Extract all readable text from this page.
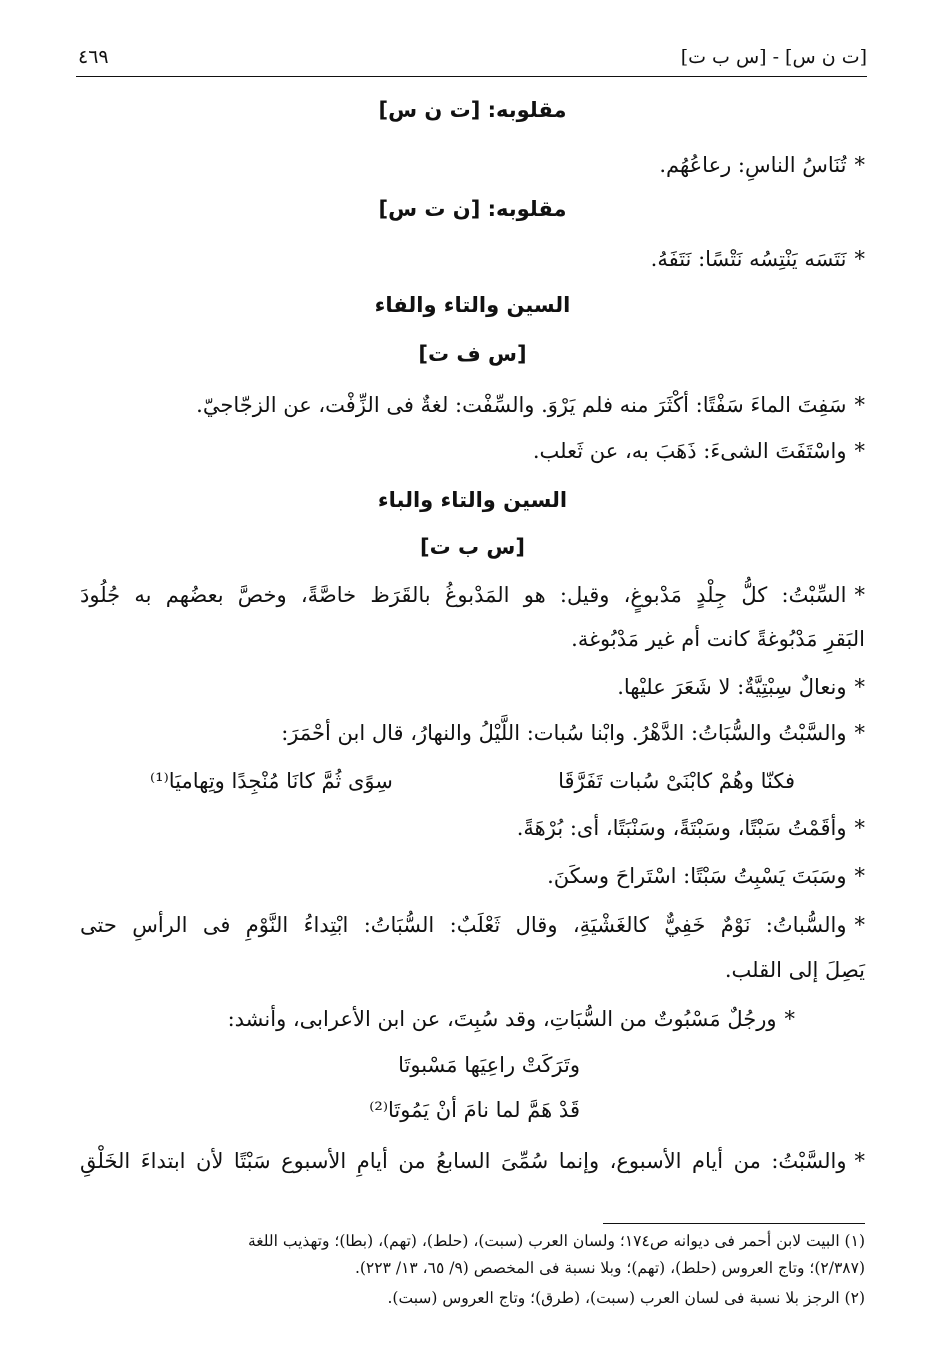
[ت ن س] - [س ب ت]
٤٦٩
مقلوبه: [ت ن س]
*تُنَاسُ الناسِ: رعاعُهُم.
مقلوبه: [ن ت س]
*نَتَسَه يَنْتِسُه نَتْسًا: نَتَفَهُ.
السين والتاء والفاء
[س ف ت]
*سَفِتَ الماءَ سَفْتًا: أكْثَرَ منه فلم يَرْوَ. والسِّفْت: لغةٌ فى الزِّفْت، عن الزجّاجيّ.
*واسْتَفَتَ الشىءَ: ذَهَبَ به، عن ثَعلب.
السين والتاء والباء
[س ب ت]
*السِّبْتُ: كلُّ جِلْدٍ مَدْبوغٍ، وقيل: هو المَدْبوغُ بالقَرَظ خاصَّةً، وخصَّ بعضُهم به جُلُودَ
البَقرِ مَدْبُوغةً كانت أم غير مَدْبُوغة.
*ونعالٌ سِبْتِيَّةٌ: لا شَعَرَ عليْها.
*والسَّبْتُ والسُّبَاتُ: الدَّهْرُ. وابْنا سُبات: اللَّيْلُ والنهارُ، قال ابن أحْمَرَ:
فكنّا وهُمْ كابْنَىْ سُبات تَفَرَّقَا
سِوًى ثُمَّ كانَا مُنْجِدًا وتِهاميَا⁽¹⁾
*وأقَمْتُ سَبْتًا، وسَبْتَةً، وسَنْبَتًا، أى: بُرْهَةً.
*وسَبَتَ يَسْبِتُ سَبْتًا: اسْتَراحَ وسكَنَ.
*والسُّباتُ: نَوْمٌ خَفِيٌّ كالغَشْيَةِ، وقال ثَعْلَبٌ: السُّبَاتُ: ابْتِداءُ النَّوْمِ فى الرأسِ حتى
يَصِلَ إلى القلب.
*ورجُلٌ مَسْبُوتٌ من السُّبَاتِ، وقد سُبِتَ، عن ابن الأعرابى، وأنشد:
وتَرَكَتْ راعِيَها مَسْبوتَا
قَدْ هَمَّ لما نامَ أنْ يَمُوتَا⁽²⁾
*والسَّبْتُ: من أيام الأسبوع، وإنما سُمِّىَ السابعُ من أيامِ الأسبوع سَبْتًا لأن ابتداءَ الخَلْقِ
(١) البيت لابن أحمر فى ديوانه ص١٧٤؛ ولسان العرب (سبت)، (حلط)، (تهم)، (بطا)؛ وتهذيب اللغة
(٢/٣٨٧)؛ وتاج العروس (حلط)، (تهم)؛ وبلا نسبة فى المخصص (٩/ ٦٥، ١٣/ ٢٢٣).
(٢) الرجز بلا نسبة فى لسان العرب (سبت)، (طرق)؛ وتاج العروس (سبت).
